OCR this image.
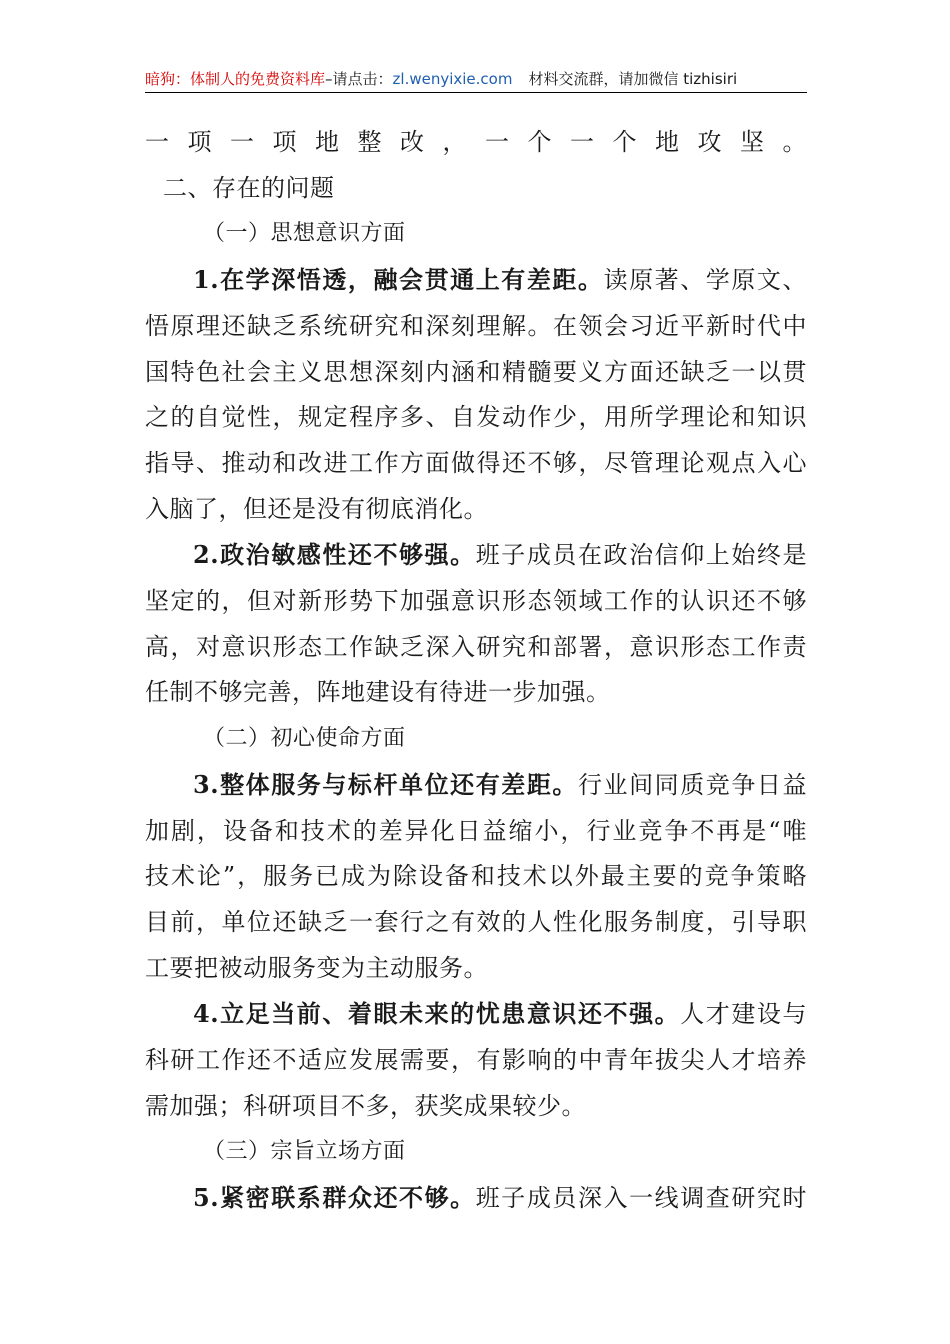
暗狗：体制人的免费资料库–请点击：zl.wenyixie.com 材料交流群，请加微信 tizhisiri
一项一项地整改，一个一个地攻坚。
二、存在的问题
（一）思想意识方面
1.在学深悟透，融会贯通上有差距。读原著、学原文、
悟原理还缺乏系统研究和深刻理解。在领会习近平新时代中
国特色社会主义思想深刻内涵和精髓要义方面还缺乏一以贯
之的自觉性，规定程序多、自发动作少，用所学理论和知识
指导、推动和改进工作方面做得还不够，尽管理论观点入心
入脑了，但还是没有彻底消化。
2.政治敏感性还不够强。班子成员在政治信仰上始终是
坚定的，但对新形势下加强意识形态领域工作的认识还不够
高，对意识形态工作缺乏深入研究和部署，意识形态工作责
任制不够完善，阵地建设有待进一步加强。
（二）初心使命方面
3.整体服务与标杆单位还有差距。行业间同质竞争日益
加剧，设备和技术的差异化日益缩小，行业竞争不再是“唯
技术论”，服务已成为除设备和技术以外最主要的竞争策略
目前，单位还缺乏一套行之有效的人性化服务制度，引导职
工要把被动服务变为主动服务。
4.立足当前、着眼未来的忧患意识还不强。人才建设与
科研工作还不适应发展需要，有影响的中青年拔尖人才培养
需加强；科研项目不多，获奖成果较少。
（三）宗旨立场方面
5.紧密联系群众还不够。班子成员深入一线调查研究时
